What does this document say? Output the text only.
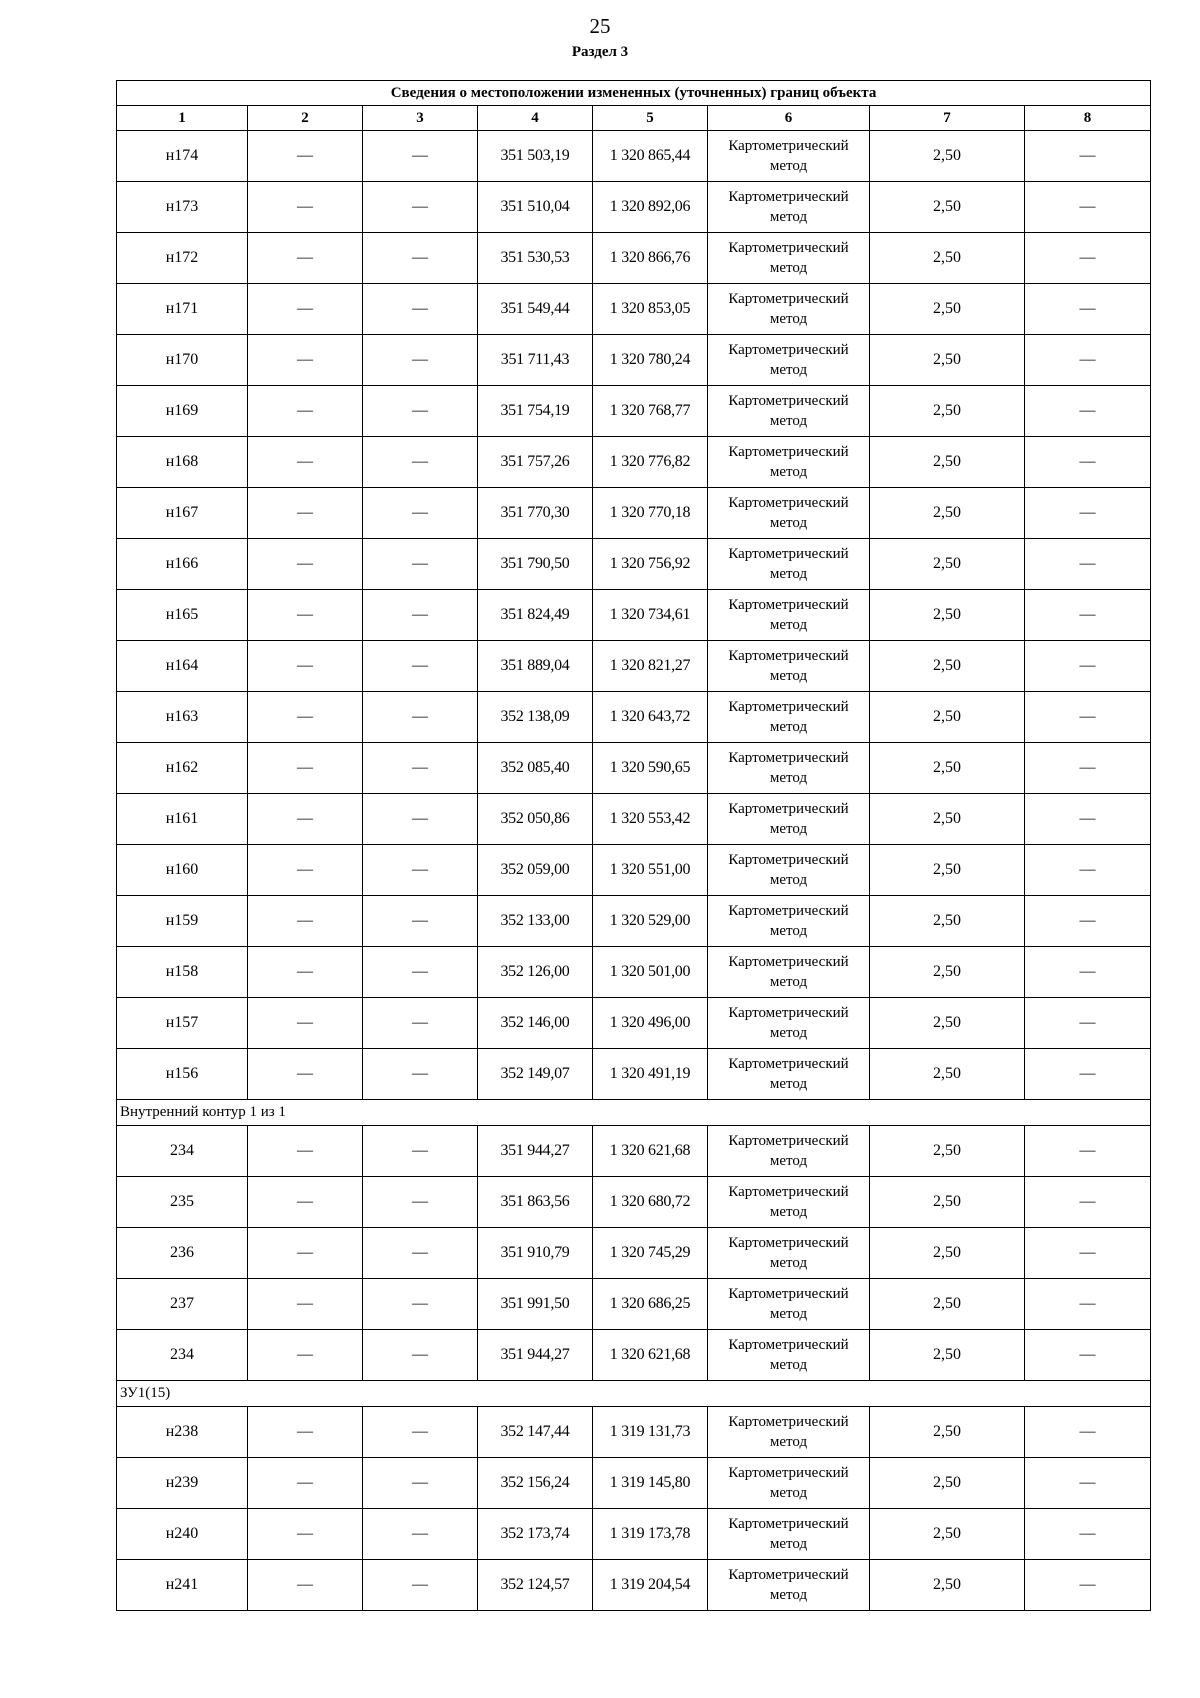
25
Раздел 3
Сведения о местоположении измененных (уточненных) границ объекта							
1	2	3	4	5	6	7	8
н174	—	—	351 503,19	1 320 865,44	Картометрический метод	2,50	—
н173	—	—	351 510,04	1 320 892,06	Картометрический метод	2,50	—
н172	—	—	351 530,53	1 320 866,76	Картометрический метод	2,50	—
н171	—	—	351 549,44	1 320 853,05	Картометрический метод	2,50	—
н170	—	—	351 711,43	1 320 780,24	Картометрический метод	2,50	—
н169	—	—	351 754,19	1 320 768,77	Картометрический метод	2,50	—
н168	—	—	351 757,26	1 320 776,82	Картометрический метод	2,50	—
н167	—	—	351 770,30	1 320 770,18	Картометрический метод	2,50	—
н166	—	—	351 790,50	1 320 756,92	Картометрический метод	2,50	—
н165	—	—	351 824,49	1 320 734,61	Картометрический метод	2,50	—
н164	—	—	351 889,04	1 320 821,27	Картометрический метод	2,50	—
н163	—	—	352 138,09	1 320 643,72	Картометрический метод	2,50	—
н162	—	—	352 085,40	1 320 590,65	Картометрический метод	2,50	—
н161	—	—	352 050,86	1 320 553,42	Картометрический метод	2,50	—
н160	—	—	352 059,00	1 320 551,00	Картометрический метод	2,50	—
н159	—	—	352 133,00	1 320 529,00	Картометрический метод	2,50	—
н158	—	—	352 126,00	1 320 501,00	Картометрический метод	2,50	—
н157	—	—	352 146,00	1 320 496,00	Картометрический метод	2,50	—
н156	—	—	352 149,07	1 320 491,19	Картометрический метод	2,50	—
Внутренний контур 1 из 1							
234	—	—	351 944,27	1 320 621,68	Картометрический метод	2,50	—
235	—	—	351 863,56	1 320 680,72	Картометрический метод	2,50	—
236	—	—	351 910,79	1 320 745,29	Картометрический метод	2,50	—
237	—	—	351 991,50	1 320 686,25	Картометрический метод	2,50	—
234	—	—	351 944,27	1 320 621,68	Картометрический метод	2,50	—
ЗУ1(15)							
н238	—	—	352 147,44	1 319 131,73	Картометрический метод	2,50	—
н239	—	—	352 156,24	1 319 145,80	Картометрический метод	2,50	—
н240	—	—	352 173,74	1 319 173,78	Картометрический метод	2,50	—
н241	—	—	352 124,57	1 319 204,54	Картометрический метод	2,50	—
